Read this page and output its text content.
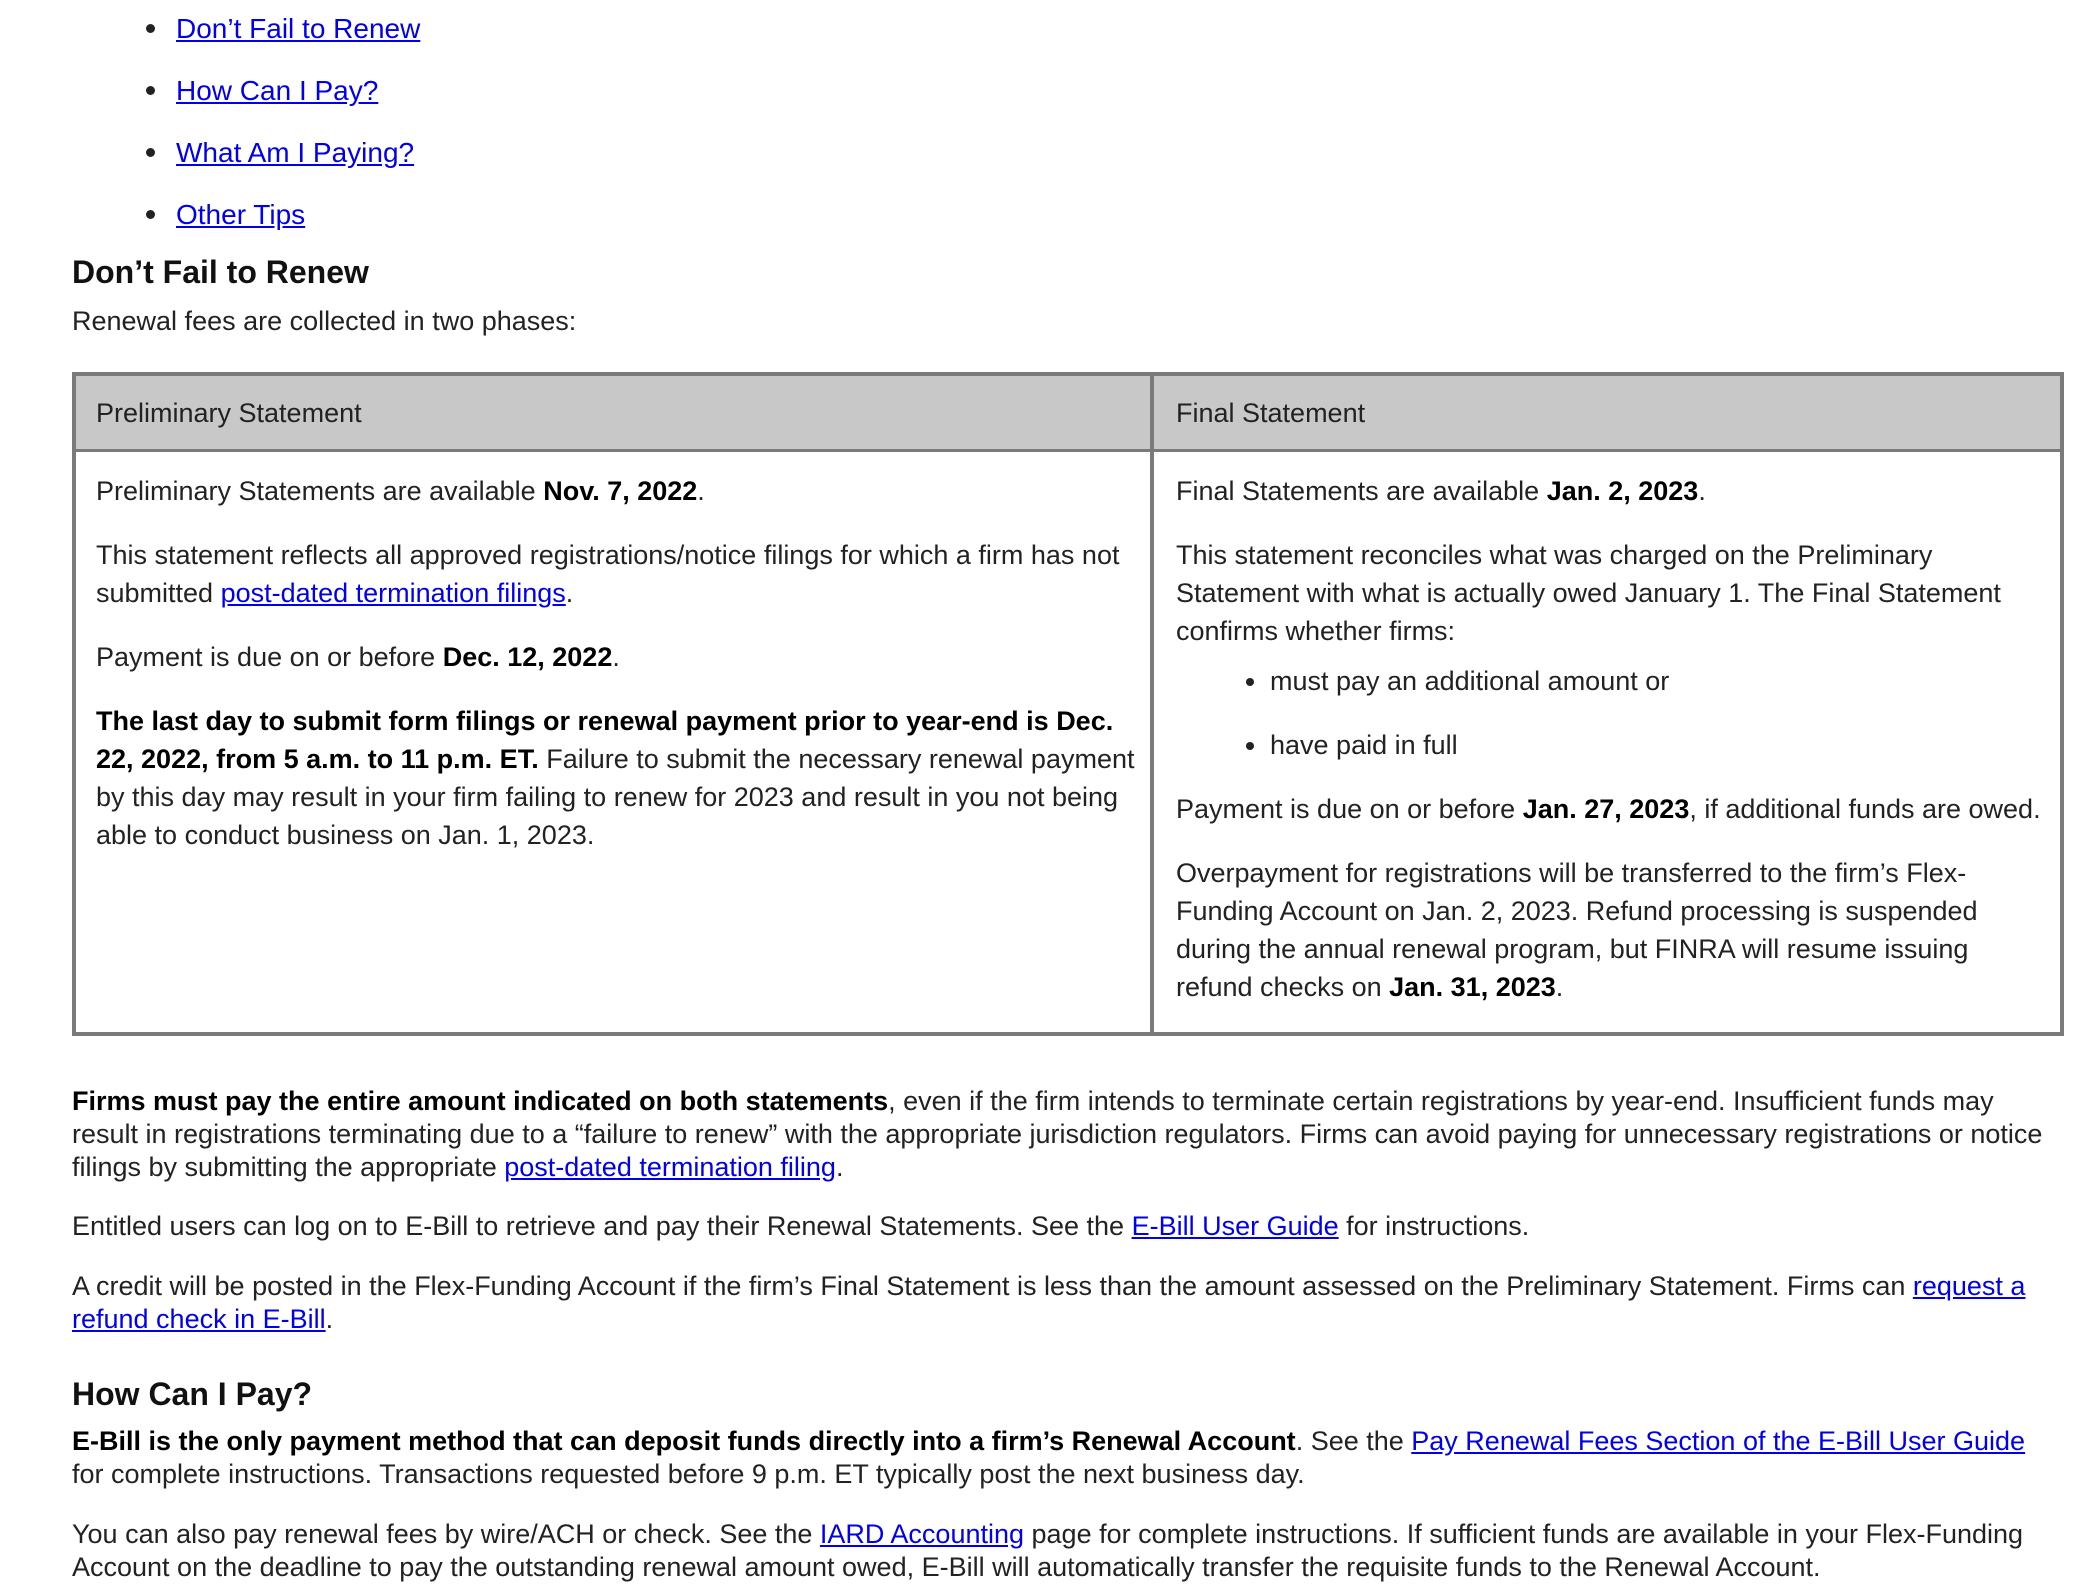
Don’t Fail to Renew
How Can I Pay?
What Am I Paying?
Other Tips
Don’t Fail to Renew

Renewal fees are collected in two phases:

Preliminary Statement	Final Statement

Preliminary Statements are available Nov. 7, 2022.

This statement reflects all approved registrations/notice filings for which a firm has not submitted post-dated termination filings.

Payment is due on or before Dec. 12, 2022.

The last day to submit form filings or renewal payment prior to year-end is Dec. 22, 2022, from 5 a.m. to 11 p.m. ET. Failure to submit the necessary renewal payment by this day may result in your firm failing to renew for 2023 and result in you not being able to conduct business on Jan. 1, 2023.

Final Statements are available Jan. 2, 2023.

This statement reconciles what was charged on the Preliminary Statement with what is actually owed January 1. The Final Statement confirms whether firms:

must pay an additional amount or
have paid in full

Payment is due on or before Jan. 27, 2023, if additional funds are owed.

Overpayment for registrations will be transferred to the firm’s Flex-Funding Account on Jan. 2, 2023. Refund processing is suspended during the annual renewal program, but FINRA will resume issuing refund checks on Jan. 31, 2023.

Firms must pay the entire amount indicated on both statements, even if the firm intends to terminate certain registrations by year-end. Insufficient funds may result in registrations terminating due to a “failure to renew” with the appropriate jurisdiction regulators. Firms can avoid paying for unnecessary registrations or notice filings by submitting the appropriate post-dated termination filing.

Entitled users can log on to E-Bill to retrieve and pay their Renewal Statements. See the E-Bill User Guide for instructions.

A credit will be posted in the Flex-Funding Account if the firm’s Final Statement is less than the amount assessed on the Preliminary Statement. Firms can request a refund check in E-Bill.

How Can I Pay?

E-Bill is the only payment method that can deposit funds directly into a firm’s Renewal Account. See the Pay Renewal Fees Section of the E-Bill User Guide for complete instructions. Transactions requested before 9 p.m. ET typically post the next business day.

You can also pay renewal fees by wire/ACH or check. See the IARD Accounting page for complete instructions. If sufficient funds are available in your Flex-Funding Account on the deadline to pay the outstanding renewal amount owed, E-Bill will automatically transfer the requisite funds to the Renewal Account.
